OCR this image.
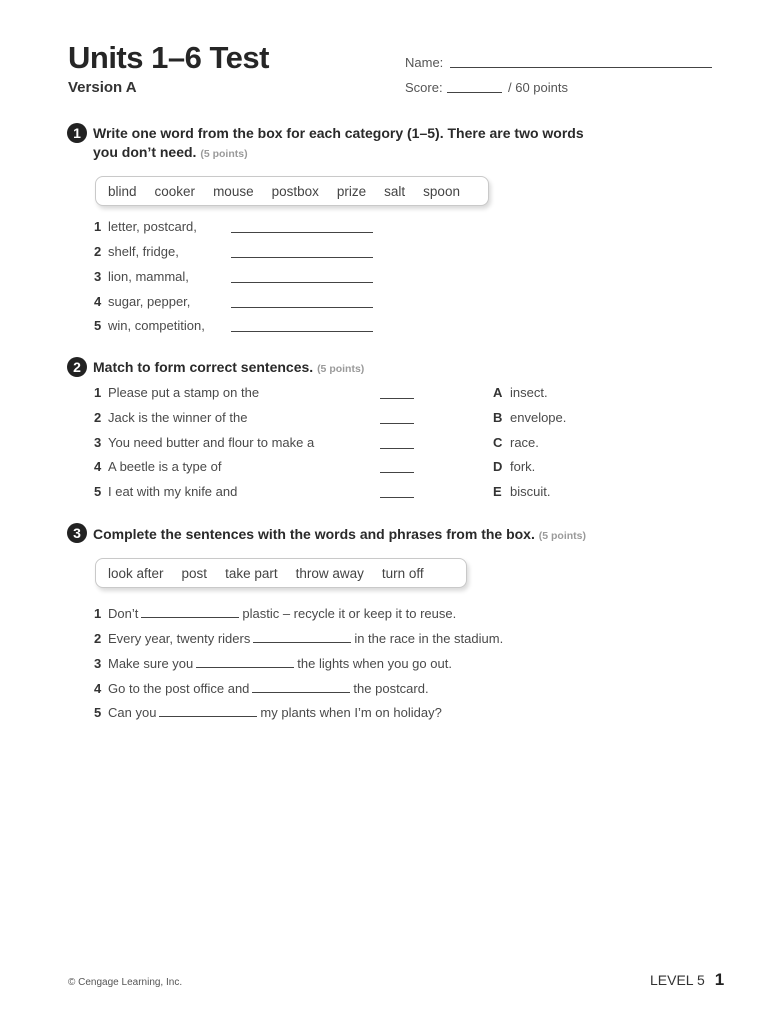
Units 1–6 Test
Version A
Name:
Score:	/ 60 points
1 Write one word from the box for each category (1–5). There are two words
you don’t need. (5 points)
blind cooker mouse postbox prize salt spoon
1 letter, postcard,
2 shelf, fridge,
3 lion, mammal,
4 sugar, pepper,
5 win, competition,
2 Match to form correct sentences. (5 points)
1 Please put a stamp on the	A insect.
2 Jack is the winner of the	B envelope.
3 You need butter and flour to make a	C race.
4 A beetle is a type of	D fork.
5 I eat with my knife and	E biscuit.
3 Complete the sentences with the words and phrases from the box. (5 points)
look after post take part throw away turn off
1 Don’t	plastic – recycle it or keep it to reuse.
2 Every year, twenty riders	in the race in the stadium.
3 Make sure you	the lights when you go out.
4 Go to the post office and	the postcard.
5 Can you	my plants when I’m on holiday?
© Cengage Learning, Inc.	LEVEL 5 1
